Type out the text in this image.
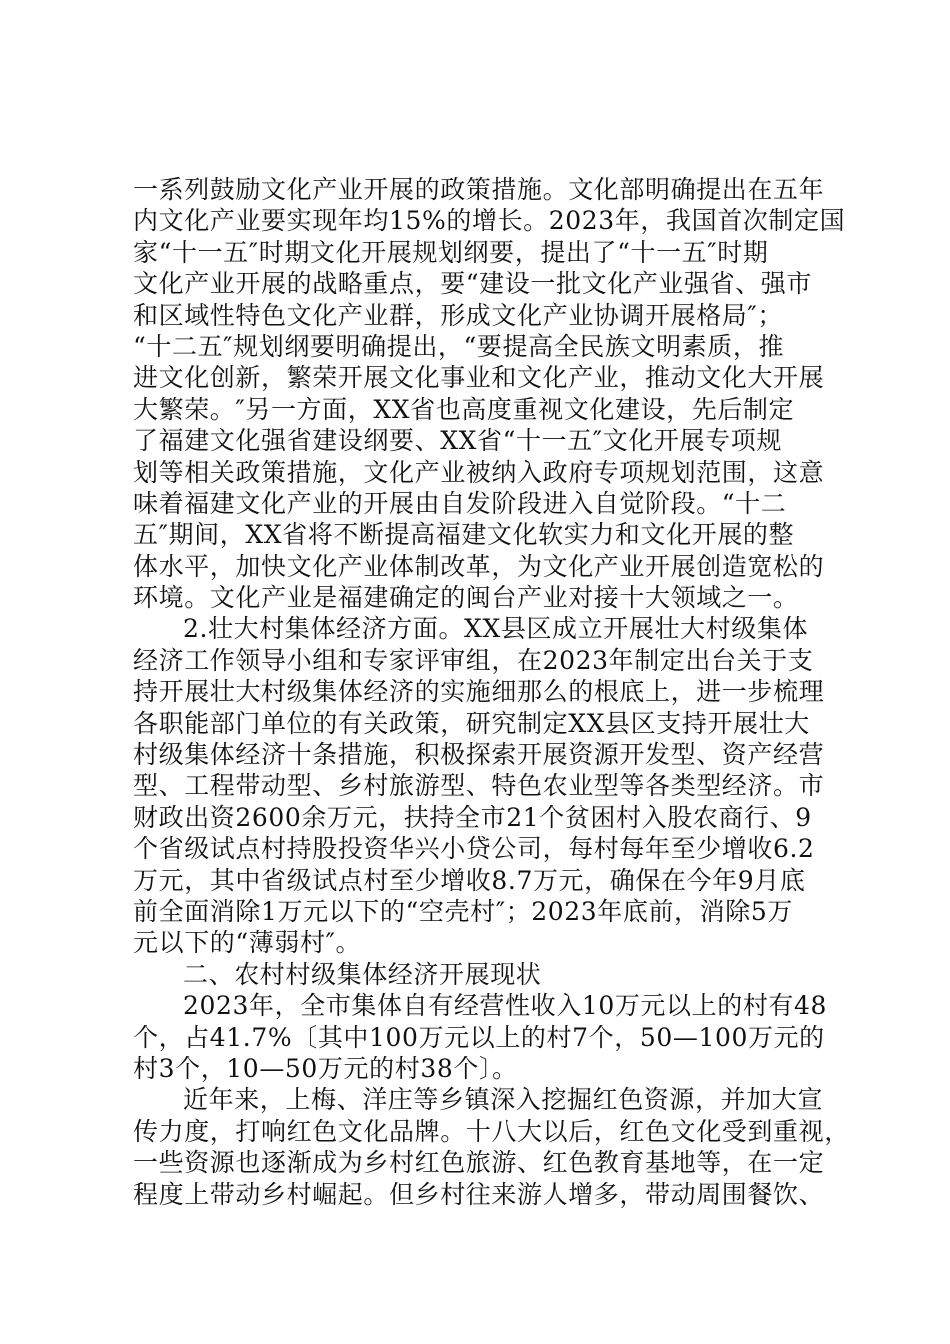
一系列鼓励文化产业开展的政策措施。文化部明确提出在五年
内文化产业要实现年均15%的增长。2023年，我国首次制定国
家“十一五″时期文化开展规划纲要，提出了“十一五″时期
文化产业开展的战略重点，要“建设一批文化产业强省、强市
和区域性特色文化产业群，形成文化产业协调开展格局″；
“十二五″规划纲要明确提出，“要提高全民族文明素质，推
进文化创新，繁荣开展文化事业和文化产业，推动文化大开展
大繁荣。″另一方面，XX省也高度重视文化建设，先后制定
了福建文化强省建设纲要、XX省“十一五″文化开展专项规
划等相关政策措施，文化产业被纳入政府专项规划范围，这意
味着福建文化产业的开展由自发阶段进入自觉阶段。“十二
五″期间，XX省将不断提高福建文化软实力和文化开展的整
体水平，加快文化产业体制改革，为文化产业开展创造宽松的
环境。文化产业是福建确定的闽台产业对接十大领域之一。
2.壮大村集体经济方面。XX县区成立开展壮大村级集体
经济工作领导小组和专家评审组，在2023年制定出台关于支
持开展壮大村级集体经济的实施细那么的根底上，进一步梳理
各职能部门单位的有关政策，研究制定XX县区支持开展壮大
村级集体经济十条措施，积极探索开展资源开发型、资产经营
型、工程带动型、乡村旅游型、特色农业型等各类型经济。市
财政出资2600余万元，扶持全市21个贫困村入股农商行、9
个省级试点村持股投资华兴小贷公司，每村每年至少增收6.2
万元，其中省级试点村至少增收8.7万元，确保在今年9月底
前全面消除1万元以下的“空壳村″；2023年底前，消除5万
元以下的“薄弱村″。
二、农村村级集体经济开展现状
2023年，全市集体自有经营性收入10万元以上的村有48
个，占41.7%〔其中100万元以上的村7个，50—100万元的
村3个，10—50万元的村38个〕。
近年来，上梅、洋庄等乡镇深入挖掘红色资源，并加大宣
传力度，打响红色文化品牌。十八大以后，红色文化受到重视，
一些资源也逐渐成为乡村红色旅游、红色教育基地等，在一定
程度上带动乡村崛起。但乡村往来游人增多，带动周围餐饮、
